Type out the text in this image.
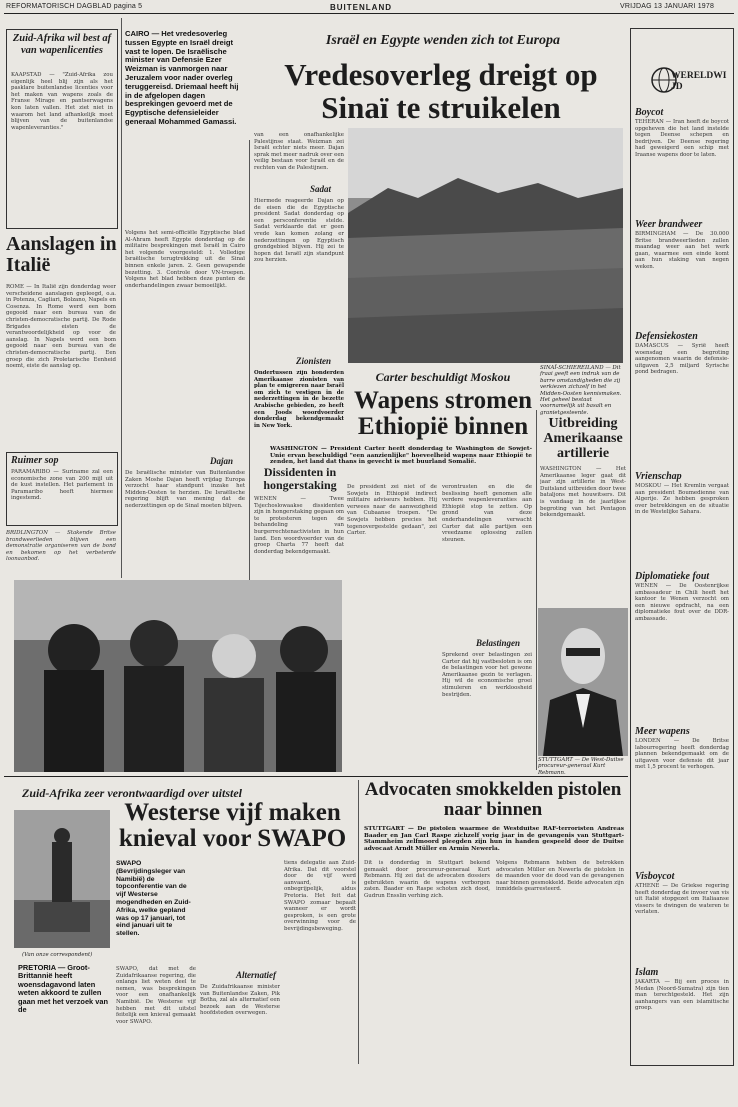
REFORMATORISCH DAGBLAD pagina 5	BUITENLAND	VRIJDAG 13 JANUARI 1978
Zuid-Afrika wil best af van wapenlicenties
KAAPSTAD — "Zuid-Afrika zou eigenlijk heel blij zijn als het pasklare buitenlandse licenties voor het maken van wapens zoals de Franse Mirage en pantserwagens kon laten vallen. Het ziet niet in waarom het land afhankelijk moet blijven van de buitenlandse wapenleveranties."
Aanslagen in Italië
ROME — In Italië zijn donderdag weer verscheidene aanslagen gepleegd, o.a. in Potenza, Cagliari, Bolzano, Napels en Cosenza. In Rome werd een bom gegooid naar een bureau van de christen-democratische partij. De Rode Brigades eisten de verantwoordelijkheid op voor de aanslag. In Napels werd een bom gegooid naar een bureau van de christen-democratische partij. Een groep die zich Proletarische Eenheid noemt, eiste de aanslag op.
Ruimer sop
PARAMARIBO — Suriname zal een economische zone van 200 mijl uit de kust instellen. Het parlement in Paramaribo heeft hiermee ingestemd.
BRIDLINGTON — Stakende Britse brandweerlieden blijven een demonstratie organiseren van de bond en bekomen op het verbeterde loonaanbod.
CAIRO — Het vredesoverleg tussen Egypte en Israël dreigt vast te lopen. De Israëlische minister van Defensie Ezer Weizman is vanmorgen naar Jeruzalem voor nader overleg teruggereisd. Driemaal heeft hij in de afgelopen dagen besprekingen gevoerd met de Egyptische defensieleider generaal Mohammed Gamassi.
Volgens het semi-officiële Egyptische blad Al-Ahram heeft Egypte donderdag op de militaire besprekingen met Israël in Cairo het volgende voorgesteld: 1. Volledige Israëlische terugtrekking uit de Sinaï binnen enkele jaren. 2. Geen gewapende bezetting. 3. Controle door VN-troepen. Volgens het blad hebben deze punten de onderhandelingen zwaar bemoeilijkt.
Dajan
De Israëlische minister van Buitenlandse Zaken Moshe Dajan heeft vrijdag Europa verzocht haar standpunt inzake het Midden-Oosten te herzien. De Israëlische regering blijft van mening dat de nederzettingen op de Sinaï moeten blijven.
Israël en Egypte wenden zich tot Europa
Vredesoverleg dreigt op Sinaï te struikelen
van een onafhankelijke Palestijnse staat. Weizman zei Israël echter niets meer. Dajan sprak met meer nadruk over een veilig bestaan voor Israël en de rechten van de Palestijnen.
Sadat
Hiermede reageerde Dajan op de eisen die de Egyptische president Sadat donderdag op een persconferentie stelde. Sadat verklaarde dat er geen vrede kan komen zolang er nederzettingen op Egyptisch grondgebied blijven. Hij zei te hopen dat Israël zijn standpunt zou herzien.
Zionisten
Ondertussen zijn honderden Amerikaanse zionisten van plan te emigreren naar Israël om zich te vestigen in de nederzettingen in de bezette Arabische gebieden, zo heeft een Joods woordvoerder donderdag bekendgemaakt in New York.
Dissidenten in hongerstaking
WENEN — Twee Tsjechoslowaakse dissidenten zijn in hongerstaking gegaan om te protesteren tegen de behandeling van burgerrechtenactivisten in hun land. Een woordvoerder van de groep Charta 77 heeft dat donderdag bekendgemaakt.
SINAÏ-SCHIEREILAND — Dit fraai geeft een indruk van de barre omstandigheden die zij verkiezen zichzelf in het Midden-Oosten kennismaken. Het geheel bestaat voornamelijk uit basalt en granietgesteente.
Carter beschuldigt Moskou
Wapens stromen Ethiopië binnen
WASHINGTON — President Carter heeft donderdag te Washington de Sowjet-Unie ervan beschuldigd "een aanzienlijke" hoeveelheid wapens naar Ethiopië te zenden, het land dat thans in gevecht is met buurland Somalië.
De president zei niet of de Sowjets in Ethiopië indirect militaire adviseurs hebben. Hij verwees naar de aanwezigheid van Cubaanse troepen. "De Sowjets hebben precies het tegenovergestelde gedaan", zei Carter.
verontrusten en die de beslissing heeft genomen alle verdere wapenleveranties aan Ethiopië stop te zetten. Op grond van deze onderhandelingen verwacht Carter dat alle partijen een vreedzame oplossing zullen steunen.
Belastingen
Sprekend over belastingen zei Carter dat hij vastbesloten is om de belastingen voor het gewone Amerikaanse gezin te verlagen. Hij wil de economische groei stimuleren en werkloosheid bestrijden.
Uitbreiding Amerikaanse artillerie
WASHINGTON — Het Amerikaanse leger gaat dit jaar zijn artillerie in West-Duitsland uitbreiden door twee bataljons met houwitsers. Dit is vandaag in de jaarlijkse begroting van het Pentagon bekendgemaakt.
STUTTGART — De West-Duitse procureur-generaal Kurt Rebmann.
Zuid-Afrika zeer verontwaardigd over uitstel
Westerse vijf maken knieval voor SWAPO
(Van onze correspondent)
PRETORIA — Groot-Brittannië heeft woensdagavond laten weten akkoord te zullen gaan met het verzoek van de
SWAPO (Bevrijdingsleger van Namibië) de topconferentie van de vijf Westerse mogendheden en Zuid-Afrika, welke gepland was op 17 januari, tot eind januari uit te stellen.
SWAPO, dat met de Zuidafrikaanse regering, die onlangs liet weten deel te nemen, was besprekingen voor een onafhankelijk Namibië. De Westerse vijf hebben met dit uitstel feitelijk een knieval gemaakt voor SWAPO.
Alternatief
De Zuidafrikaanse minister van Buitenlandse Zaken, Pik Botha, zal als alternatief een bezoek aan de Westerse hoofdsteden overwegen.
tiens delegatie aan Zuid-Afrika. Dat dit voorstel door de vijf werd aanvaard, is onbegrijpelijk, aldus Pretoria. Het feit dat SWAPO zomaar bepaalt wanneer er wordt gesproken, is een grote overwinning voor de bevrijdingsbeweging.
Advocaten smokkelden pistolen naar binnen
STUTTGART — De pistolen waarmee de Westduitse RAF-terroristen Andreas Baader en Jan Carl Raspe zichzelf vorig jaar in de gevangenis van Stuttgart-Stammheim zelfmoord pleegden zijn hun in handen gespeeld door de Duitse advocaat Arndt Müller en Armin Newerla.
Dit is donderdag in Stuttgart bekend gemaakt door procureur-generaal Kurt Rebmann. Hij zei dat de advocaten dossiers gebruikten waarin de wapens verborgen zaten. Baader en Raspe schoten zich dood, Gudrun Ensslin verhing zich.
Volgens Rebmann hebben de betrokken advocaten Müller en Newerla de pistolen in de maanden voor de dood van de gevangenen naar binnen gesmokkeld. Beide advocaten zijn inmiddels gearresteerd.
WERELDWIJD
Boycot
TEHERAN — Iran heeft de boycot opgeheven die het land instelde tegen Deense schepen en bedrijven. De Deense regering had geweigerd een schip met Iraanse wapens door te laten.
Weer brandweer
BIRMINGHAM — De 30.000 Britse brandweerlieden zullen maandag weer aan het werk gaan, waarmee een einde komt aan hun staking van negen weken.
Defensiekosten
DAMASCUS — Syrië heeft woensdag een begroting aangenomen waarin de defensie-uitgaven 2,5 miljard Syrische pond bedragen.
Vrienschap
MOSKOU — Het Kremlin vergaat aan president Boumedienne van Algerije. Ze hebben gesproken over betrekkingen en de situatie in de Westelijke Sahara.
Diplomatieke fout
WENEN — De Oostenrijkse ambassadeur in Chili heeft het kantoor te Wenen verzocht om een nieuwe opdracht, na een diplomatieke fout over de DDR-ambassade.
Meer wapens
LONDEN — De Britse labourregering heeft donderdag plannen bekendgemaakt om de uitgaven voor defensie dit jaar met 1,5 procent te verhogen.
Visboycot
ATHENE — De Griekse regering heeft donderdag de invoer van vis uit Italië stopgezet om Italiaanse vissers te dwingen de wateren te verlaten.
Islam
JAKARTA — Bij een proces in Medan (Noord-Sumatra) zijn tien man terechtgesteld. Het zijn aanhangers van een islamitische groep.
